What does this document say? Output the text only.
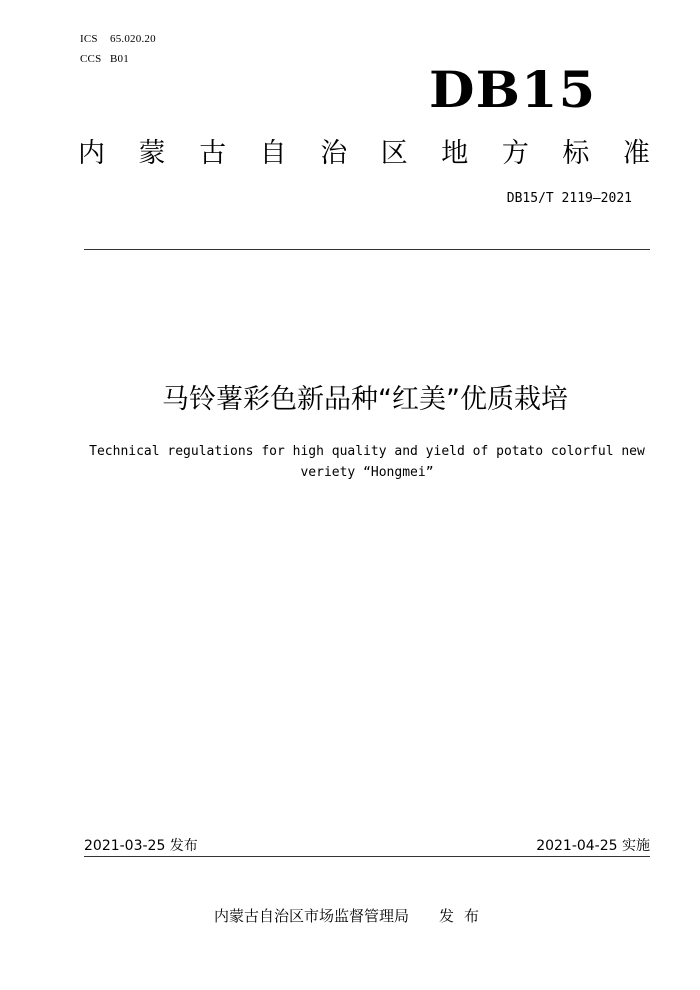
ICS 65.020.20
CCS B01
DB15
内 蒙 古 自 治 区 地 方 标 准
DB15/T 2119—2021
马铃薯彩色新品种“红美”优质栽培
Technical regulations for high quality and yield of potato colorful new
veriety “Hongmei”
2021-03-25 发布	2021-04-25 实施
内蒙古自治区市场监督管理局 发布
